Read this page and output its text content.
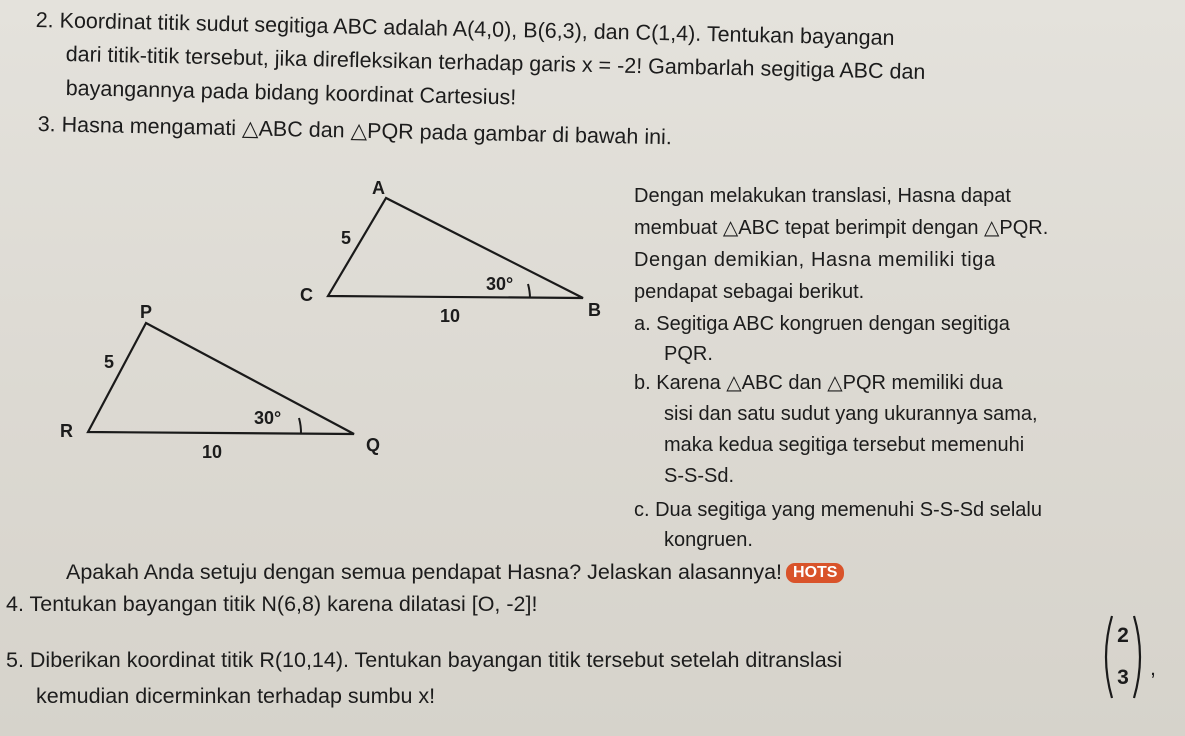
2. Koordinat titik sudut segitiga ABC adalah A(4,0), B(6,3), dan C(1,4). Tentukan bayangan
dari titik-titik tersebut, jika direfleksikan terhadap garis x = -2! Gambarlah segitiga ABC dan
bayangannya pada bidang koordinat Cartesius!
3. Hasna mengamati △ABC dan △PQR pada gambar di bawah ini.
Dengan melakukan translasi, Hasna dapat
membuat △ABC tepat berimpit dengan △PQR.
Dengan demikian, Hasna memiliki tiga
pendapat sebagai berikut.
a. Segitiga ABC kongruen dengan segitiga
PQR.
b. Karena △ABC dan △PQR memiliki dua
sisi dan satu sudut yang ukurannya sama,
maka kedua segitiga tersebut memenuhi
S-S-Sd.
c. Dua segitiga yang memenuhi S-S-Sd selalu
kongruen.
Apakah Anda setuju dengan semua pendapat Hasna? Jelaskan alasannya! HOTS
A
C
B
5
10
30°
P
R
Q
5
10
30°
4. Tentukan bayangan titik N(6,8) karena dilatasi [O, -2]!
5. Diberikan koordinat titik R(10,14). Tentukan bayangan titik tersebut setelah ditranslasi
kemudian dicerminkan terhadap sumbu x!
2
3 ,
